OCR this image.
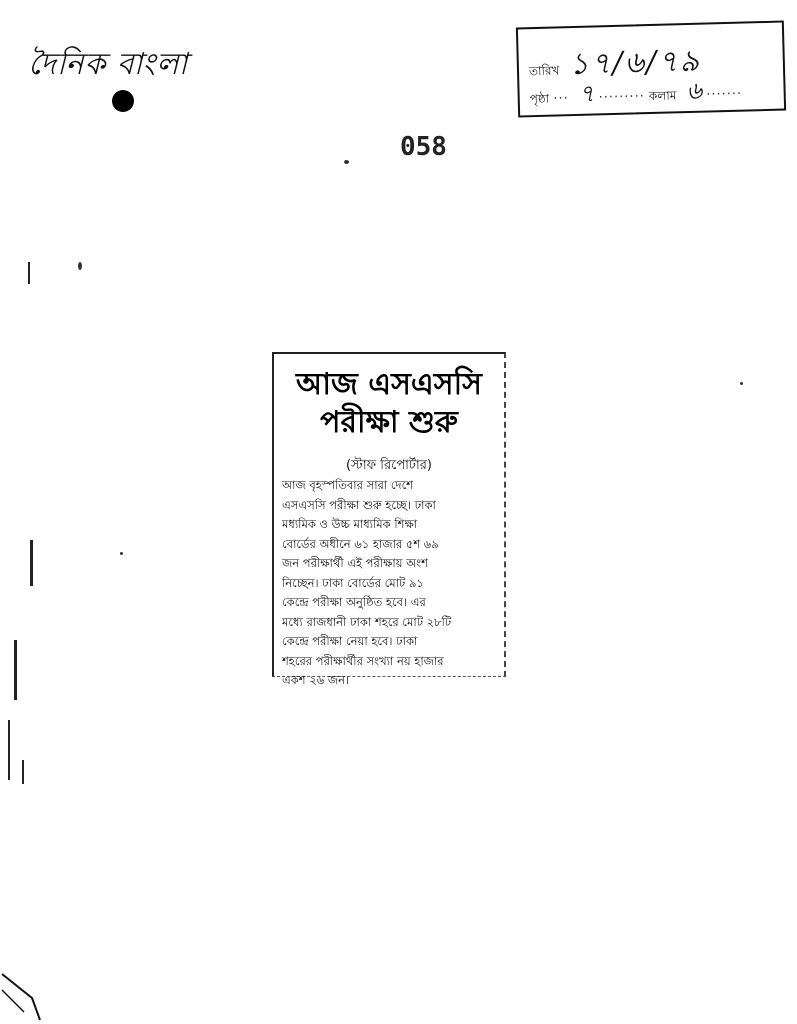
দৈনিক বাংলা
058
তারিখ ১৭/৬/৭৯
পৃষ্ঠা ··· ৭ ········· কলাম ৬ ·······
আজ এসএসসি
পরীক্ষা শুরু
(স্টাফ রিপোর্টার)
আজ বৃহস্পতিবার সারা দেশে
এসএসসি পরীক্ষা শুরু হচ্ছে। ঢাকা
মধ্যমিক ও উচ্চ মাধ্যমিক শিক্ষা
বোর্ডের অধীনে ৬১ হাজার ৫শ ৬৯
জন পরীক্ষার্থী এই পরীক্ষায় অংশ
নিচ্ছেন। ঢাকা বোর্ডের মোট ৯১
কেন্দ্রে পরীক্ষা অনুষ্ঠিত হবে। এর
মধ্যে রাজধানী ঢাকা শহরে মোট ২৮টি
কেন্দ্রে পরীক্ষা নেয়া হবে। ঢাকা
শহরের পরীক্ষার্থীর সংখ্যা নয় হাজার
একশ ২৬ জন।
